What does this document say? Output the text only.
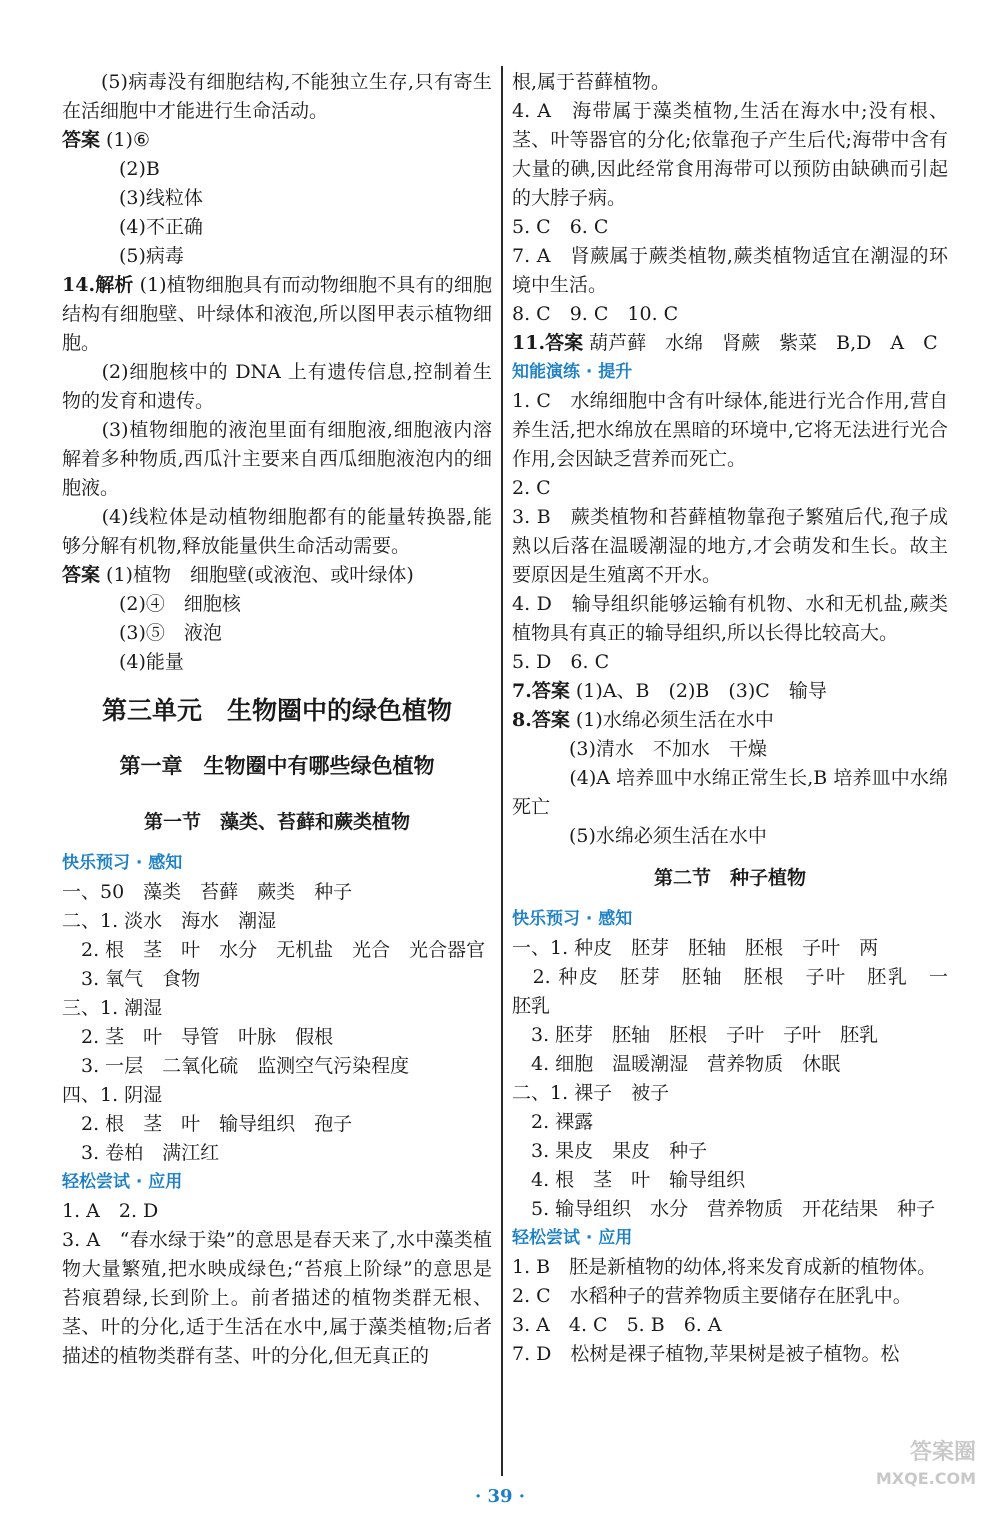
　　(5)病毒没有细胞结构,不能独立生存,只有寄生在活细胞中才能进行生命活动。

答案 (1)⑥

　　　(2)B

　　　(3)线粒体

　　　(4)不正确

　　　(5)病毒

14.解析 (1)植物细胞具有而动物细胞不具有的细胞结构有细胞壁、叶绿体和液泡,所以图甲表示植物细胞。

　　(2)细胞核中的 DNA 上有遗传信息,控制着生物的发育和遗传。

　　(3)植物细胞的液泡里面有细胞液,细胞液内溶解着多种物质,西瓜汁主要来自西瓜细胞液泡内的细胞液。

　　(4)线粒体是动植物细胞都有的能量转换器,能够分解有机物,释放能量供生命活动需要。

答案 (1)植物　细胞壁(或液泡、或叶绿体)

　　　(2)④　细胞核

　　　(3)⑤　液泡

　　　(4)能量

第三单元　生物圈中的绿色植物
第一章　生物圈中有哪些绿色植物
第一节　藻类、苔藓和蕨类植物
快乐预习 · 感知

一、50　藻类　苔藓　蕨类　种子

二、1. 淡水　海水　潮湿

　2. 根　茎　叶　水分　无机盐　光合　光合器官

　3. 氧气　食物

三、1. 潮湿

　2. 茎　叶　导管　叶脉　假根

　3. 一层　二氧化硫　监测空气污染程度

四、1. 阴湿

　2. 根　茎　叶　输导组织　孢子

　3. 卷柏　满江红

轻松尝试 · 应用

1. A　2. D

3. A　“春水绿于染”的意思是春天来了,水中藻类植物大量繁殖,把水映成绿色;“苔痕上阶绿”的意思是苔痕碧绿,长到阶上。前者描述的植物类群无根、茎、叶的分化,适于生活在水中,属于藻类植物;后者描述的植物类群有茎、叶的分化,但无真正的

根,属于苔藓植物。

4. A　海带属于藻类植物,生活在海水中;没有根、茎、叶等器官的分化;依靠孢子产生后代;海带中含有大量的碘,因此经常食用海带可以预防由缺碘而引起的大脖子病。

5. C　6. C

7. A　肾蕨属于蕨类植物,蕨类植物适宜在潮湿的环境中生活。

8. C　9. C　10. C

11.答案 葫芦藓　水绵　肾蕨　紫菜　B,D　A　C

知能演练 · 提升

1. C　水绵细胞中含有叶绿体,能进行光合作用,营自养生活,把水绵放在黑暗的环境中,它将无法进行光合作用,会因缺乏营养而死亡。

2. C

3. B　蕨类植物和苔藓植物靠孢子繁殖后代,孢子成熟以后落在温暖潮湿的地方,才会萌发和生长。故主要原因是生殖离不开水。

4. D　输导组织能够运输有机物、水和无机盐,蕨类植物具有真正的输导组织,所以长得比较高大。

5. D　6. C

7.答案 (1)A、B　(2)B　(3)C　输导

8.答案 (1)水绵必须生活在水中

　　　(3)清水　不加水　干燥

　　　(4)A 培养皿中水绵正常生长,B 培养皿中水绵死亡

　　　(5)水绵必须生活在水中

第二节　种子植物
快乐预习 · 感知

一、1. 种皮　胚芽　胚轴　胚根　子叶　两

　2. 种皮　胚芽　胚轴　胚根　子叶　胚乳　一　胚乳

　3. 胚芽　胚轴　胚根　子叶　子叶　胚乳

　4. 细胞　温暖潮湿　营养物质　休眠

二、1. 裸子　被子

　2. 裸露

　3. 果皮　果皮　种子

　4. 根　茎　叶　输导组织

　5. 输导组织　水分　营养物质　开花结果　种子

轻松尝试 · 应用

1. B　胚是新植物的幼体,将来发育成新的植物体。

2. C　水稻种子的营养物质主要储存在胚乳中。

3. A　4. C　5. B　6. A

7. D　松树是裸子植物,苹果树是被子植物。松

· 39 ·
答案圈
MXQE.COM
